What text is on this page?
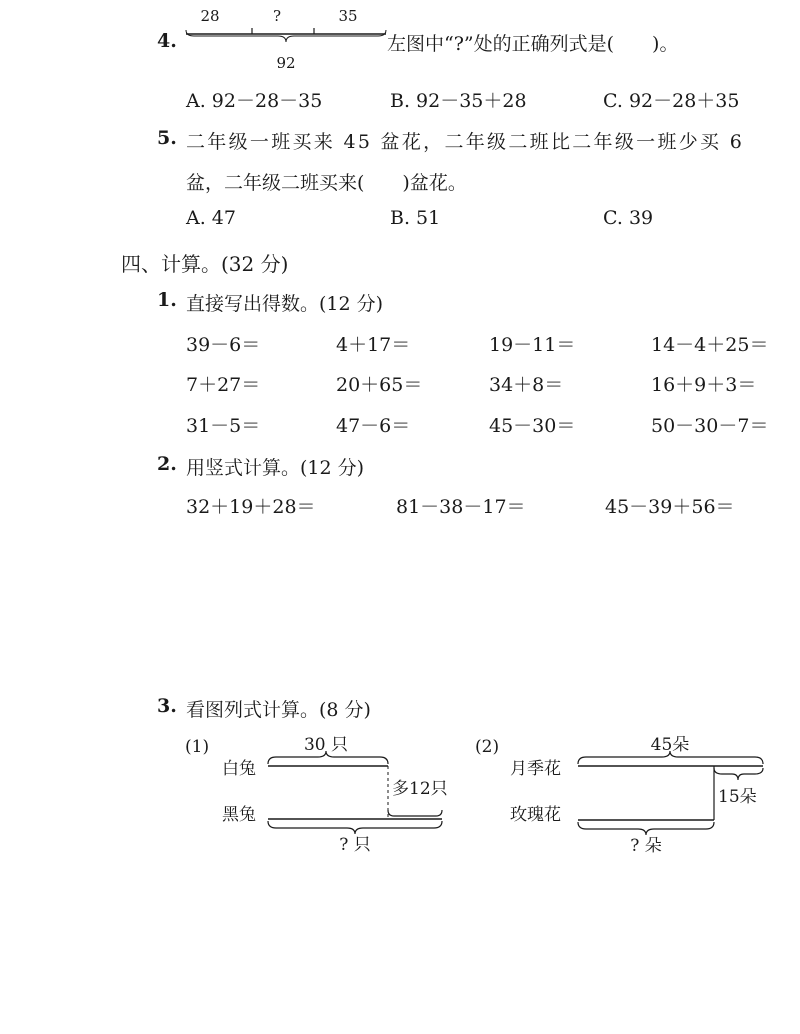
4.
28	?	35
92
左图中“?”处的正确列式是(　　)。
A. 92－28－35	B. 92－35＋28	C. 92－28＋35
5. 二年级一班买来 45 盆花，二年级二班比二年级一班少买 6
盆，二年级二班买来(　　)盆花。
A. 47	B. 51	C. 39
四、计算。(32 分)
1. 直接写出得数。(12 分)
39－6＝	4＋17＝	19－11＝	14－4＋25＝
7＋27＝	20＋65＝	34＋8＝	16＋9＋3＝
31－5＝	47－6＝	45－30＝	50－30－7＝
2. 用竖式计算。(12 分)
32＋19＋28＝	81－38－17＝	45－39＋56＝
3. 看图列式计算。(8 分)
(1)	30 只
白兔
多12只
黑兔
? 只
(2)	45朵
月季花
15朵
玫瑰花
? 朵
